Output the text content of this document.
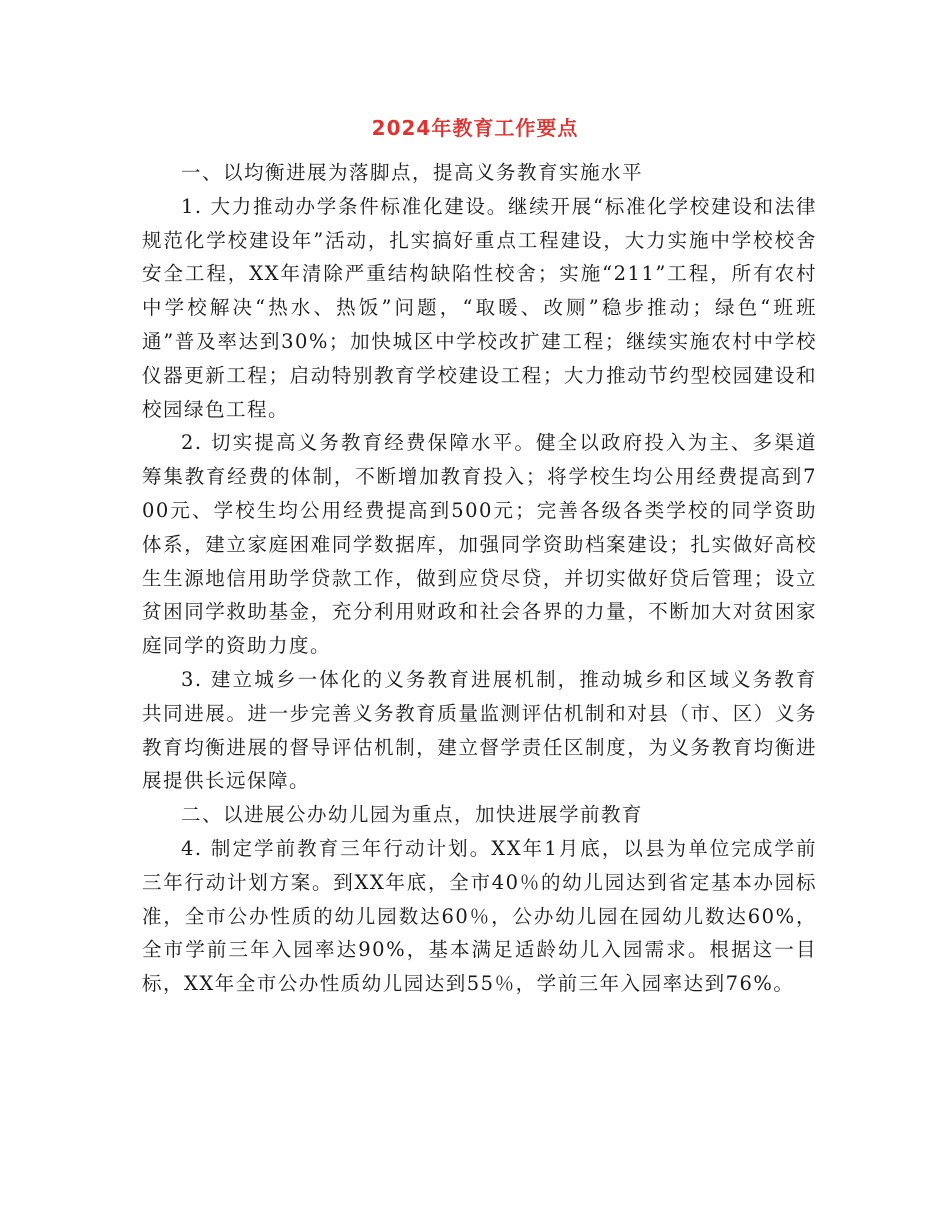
2024年教育工作要点

一、以均衡进展为落脚点，提高义务教育实施水平

1. 大力推动办学条件标准化建设。继续开展“标准化学校建设和法律规范化学校建设年”活动，扎实搞好重点工程建设，大力实施中学校校舍安全工程，XX年清除严重结构缺陷性校舍；实施“211”工程，所有农村中学校解决“热水、热饭”问题，“取暖、改厕”稳步推动；绿色“班班通”普及率达到30%；加快城区中学校改扩建工程；继续实施农村中学校仪器更新工程；启动特别教育学校建设工程；大力推动节约型校园建设和校园绿色工程。

2. 切实提高义务教育经费保障水平。健全以政府投入为主、多渠道筹集教育经费的体制，不断增加教育投入；将学校生均公用经费提高到700元、学校生均公用经费提高到500元；完善各级各类学校的同学资助体系，建立家庭困难同学数据库，加强同学资助档案建设；扎实做好高校生生源地信用助学贷款工作，做到应贷尽贷，并切实做好贷后管理；设立贫困同学救助基金，充分利用财政和社会各界的力量，不断加大对贫困家庭同学的资助力度。

3. 建立城乡一体化的义务教育进展机制，推动城乡和区域义务教育共同进展。进一步完善义务教育质量监测评估机制和对县（市、区）义务教育均衡进展的督导评估机制，建立督学责任区制度，为义务教育均衡进展提供长远保障。

二、以进展公办幼儿园为重点，加快进展学前教育

4. 制定学前教育三年行动计划。XX年1月底，以县为单位完成学前三年行动计划方案。到XX年底，全市40％的幼儿园达到省定基本办园标准，全市公办性质的幼儿园数达60％，公办幼儿园在园幼儿数达60%，全市学前三年入园率达90%，基本满足适龄幼儿入园需求。根据这一目标，XX年全市公办性质幼儿园达到55％，学前三年入园率达到76%。
